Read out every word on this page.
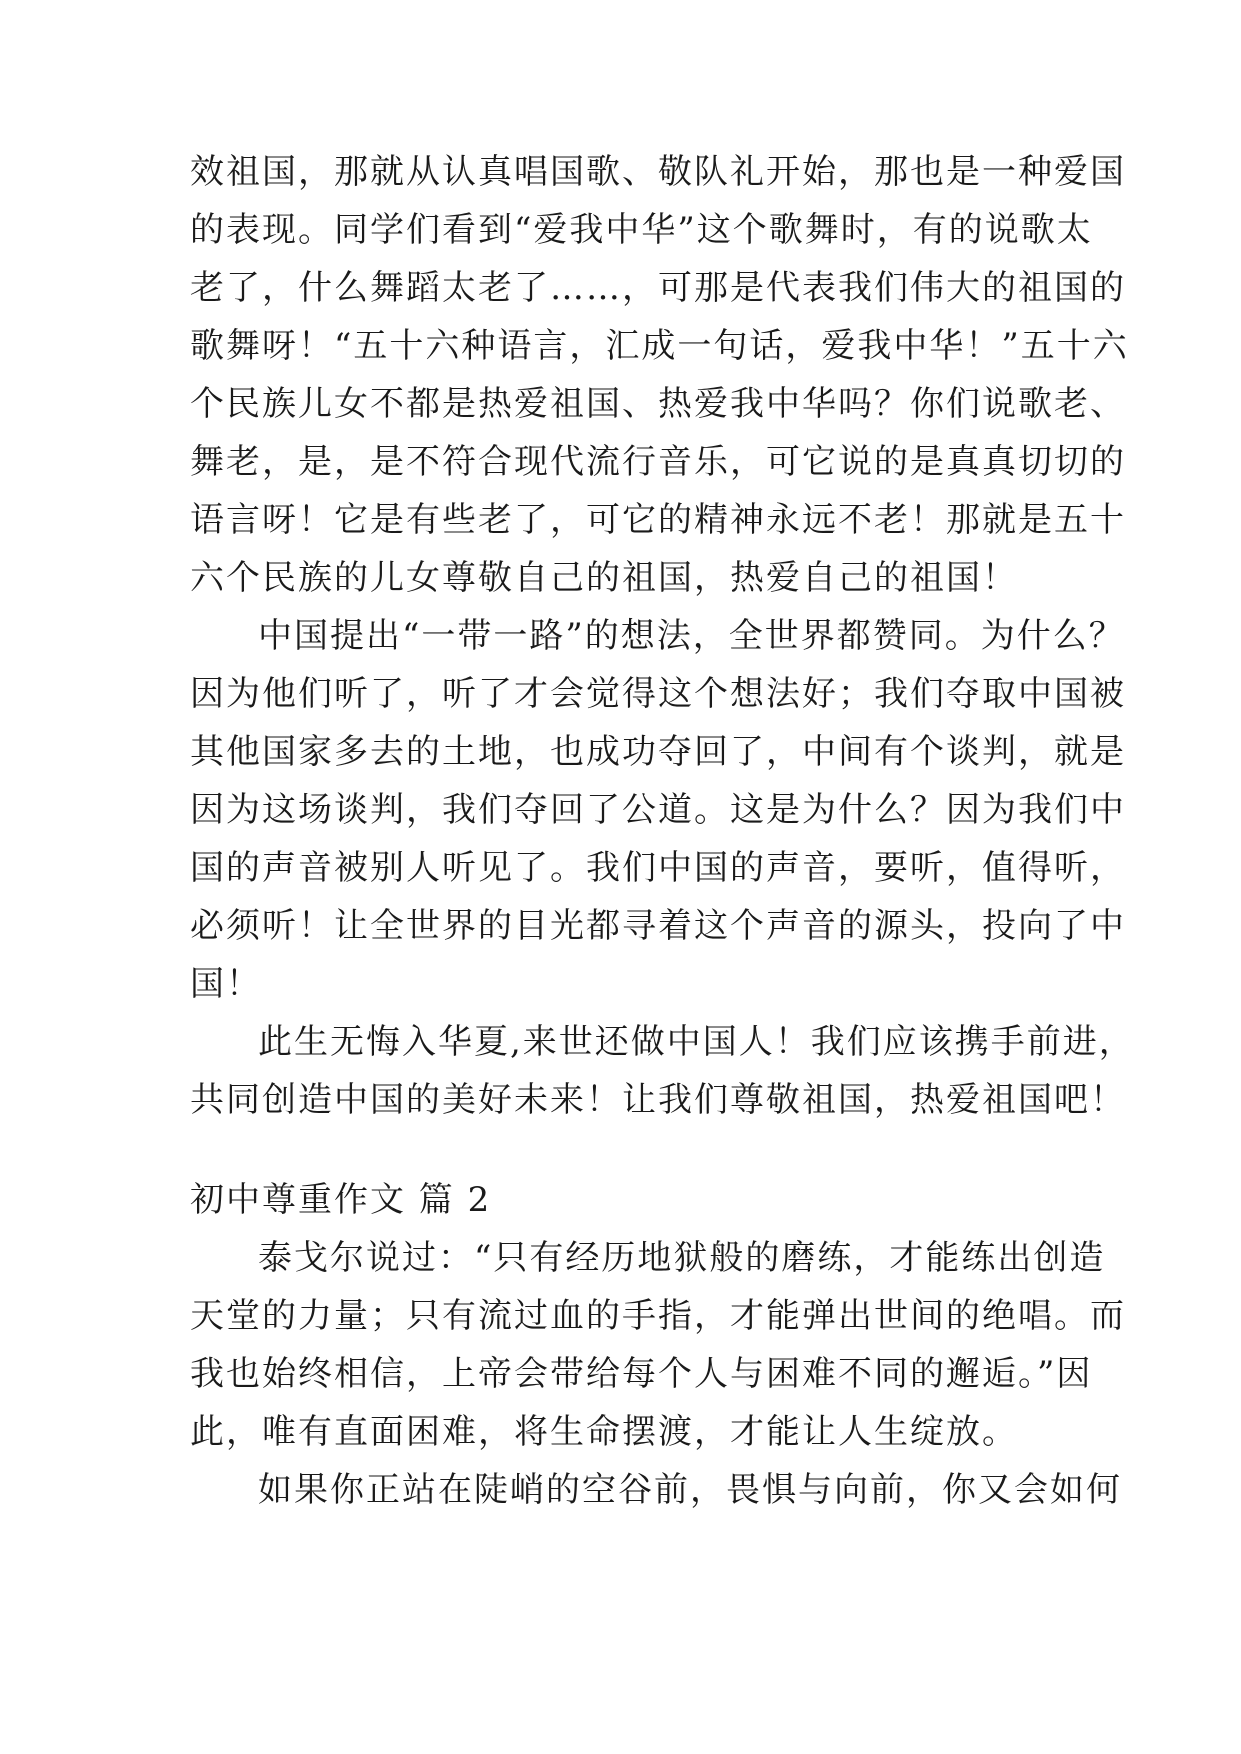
效祖国，那就从认真唱国歌、敬队礼开始，那也是一种爱国
的表现。同学们看到“爱我中华”这个歌舞时，有的说歌太
老了，什么舞蹈太老了……，可那是代表我们伟大的祖国的
歌舞呀！“五十六种语言，汇成一句话，爱我中华！”五十六
个民族儿女不都是热爱祖国、热爱我中华吗？你们说歌老、
舞老，是，是不符合现代流行音乐，可它说的是真真切切的
语言呀！它是有些老了，可它的精神永远不老！那就是五十
六个民族的儿女尊敬自己的祖国，热爱自己的祖国！
中国提出“一带一路”的想法，全世界都赞同。为什么？
因为他们听了，听了才会觉得这个想法好；我们夺取中国被
其他国家多去的土地，也成功夺回了，中间有个谈判，就是
因为这场谈判，我们夺回了公道。这是为什么？因为我们中
国的声音被别人听见了。我们中国的声音，要听，值得听，
必须听！让全世界的目光都寻着这个声音的源头，投向了中
国！
此生无悔入华夏,来世还做中国人！我们应该携手前进，
共同创造中国的美好未来！让我们尊敬祖国，热爱祖国吧！
初中尊重作文 篇 2
泰戈尔说过：“只有经历地狱般的磨练，才能练出创造
天堂的力量；只有流过血的手指，才能弹出世间的绝唱。而
我也始终相信，上帝会带给每个人与困难不同的邂逅。”因
此，唯有直面困难，将生命摆渡，才能让人生绽放。
如果你正站在陡峭的空谷前，畏惧与向前，你又会如何
